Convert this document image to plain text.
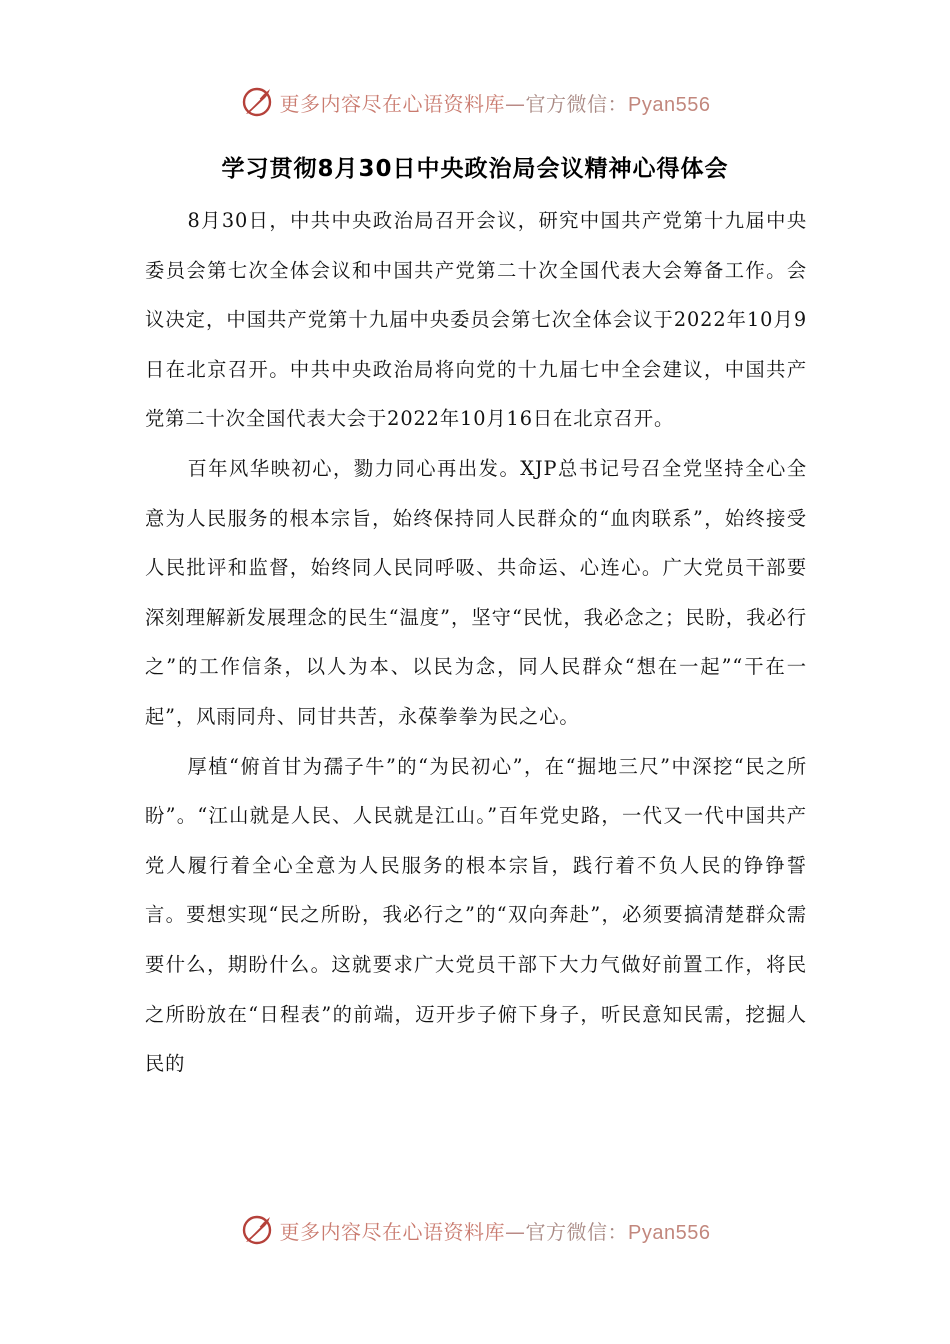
更多内容尽在心语资料库—官方微信：Pyan556
学习贯彻8月30日中央政治局会议精神心得体会

8月30日，中共中央政治局召开会议，研究中国共产党第十九届中央委员会第七次全体会议和中国共产党第二十次全国代表大会筹备工作。会议决定，中国共产党第十九届中央委员会第七次全体会议于2022年10月9日在北京召开。中共中央政治局将向党的十九届七中全会建议，中国共产党第二十次全国代表大会于2022年10月16日在北京召开。

百年风华映初心，勠力同心再出发。XJP总书记号召全党坚持全心全意为人民服务的根本宗旨，始终保持同人民群众的“血肉联系”，始终接受人民批评和监督，始终同人民同呼吸、共命运、心连心。广大党员干部要深刻理解新发展理念的民生“温度”，坚守“民忧，我必念之；民盼，我必行之”的工作信条，以人为本、以民为念，同人民群众“想在一起”“干在一起”，风雨同舟、同甘共苦，永葆拳拳为民之心。

厚植“俯首甘为孺子牛”的“为民初心”，在“掘地三尺”中深挖“民之所盼”。“江山就是人民、人民就是江山。”百年党史路，一代又一代中国共产党人履行着全心全意为人民服务的根本宗旨，践行着不负人民的铮铮誓言。要想实现“民之所盼，我必行之”的“双向奔赴”，必须要搞清楚群众需要什么，期盼什么。这就要求广大党员干部下大力气做好前置工作，将民之所盼放在“日程表”的前端，迈开步子俯下身子，听民意知民需，挖掘人民的

更多内容尽在心语资料库—官方微信：Pyan556
